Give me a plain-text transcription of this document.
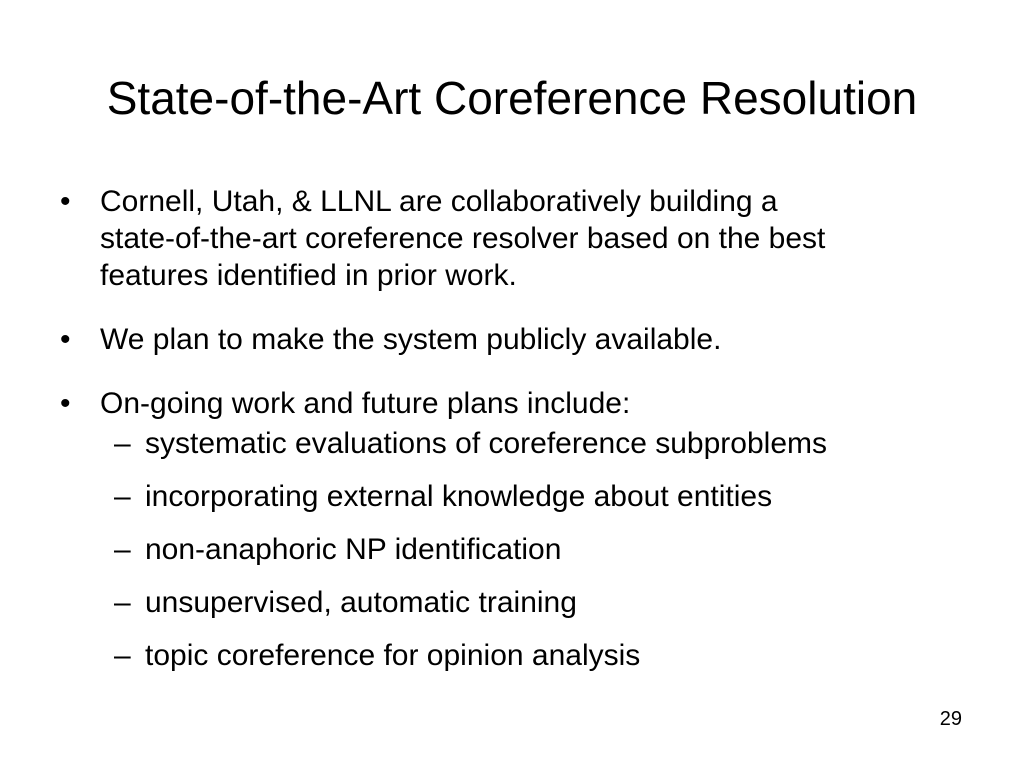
State-of-the-Art Coreference Resolution
• Cornell, Utah, & LLNL are collaboratively building a
state-of-the-art coreference resolver based on the best
features identified in prior work.
• We plan to make the system publicly available.
• On-going work and future plans include:
– systematic evaluations of coreference subproblems
– incorporating external knowledge about entities
– non-anaphoric NP identification
– unsupervised, automatic training
– topic coreference for opinion analysis
29
